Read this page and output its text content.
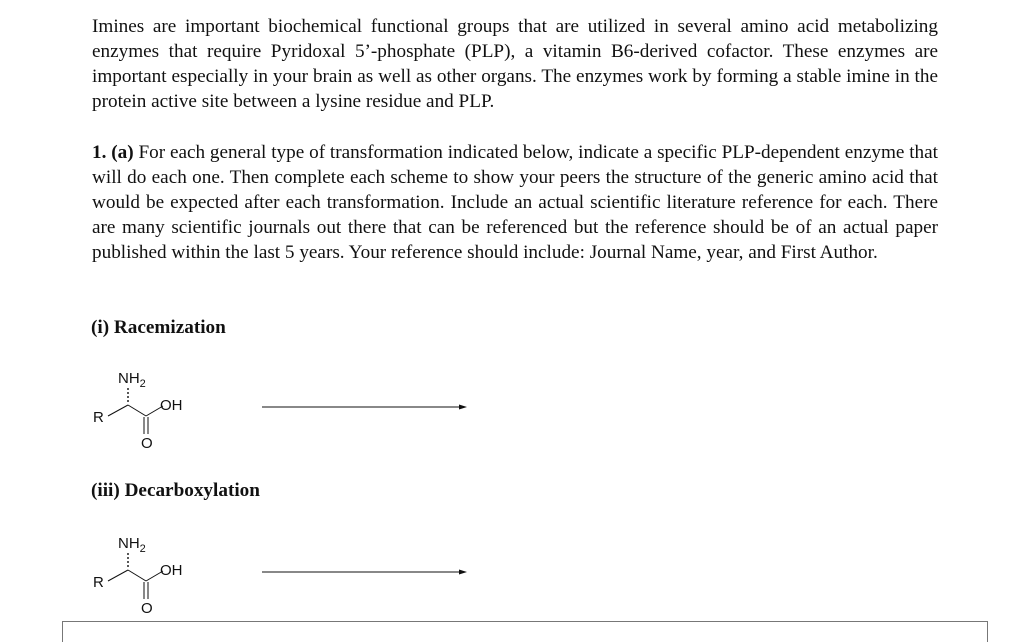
Imines are important biochemical functional groups that are utilized in several amino acid metabolizing enzymes that require Pyridoxal 5’-phosphate (PLP), a vitamin B6-derived cofactor. These enzymes are important especially in your brain as well as other organs. The enzymes work by forming a stable imine in the protein active site between a lysine residue and PLP.

1. (a) For each general type of transformation indicated below, indicate a specific PLP-dependent enzyme that will do each one. Then complete each scheme to show your peers the structure of the generic amino acid that would be expected after each transformation. Include an actual scientific literature reference for each. There are many scientific journals out there that can be referenced but the reference should be of an actual paper published within the last 5 years. Your reference should include: Journal Name, year, and First Author.

(i) Racemization
$NH_2$
OH
R
O
(iii) Decarboxylation
$NH_2$
OH
R
O
